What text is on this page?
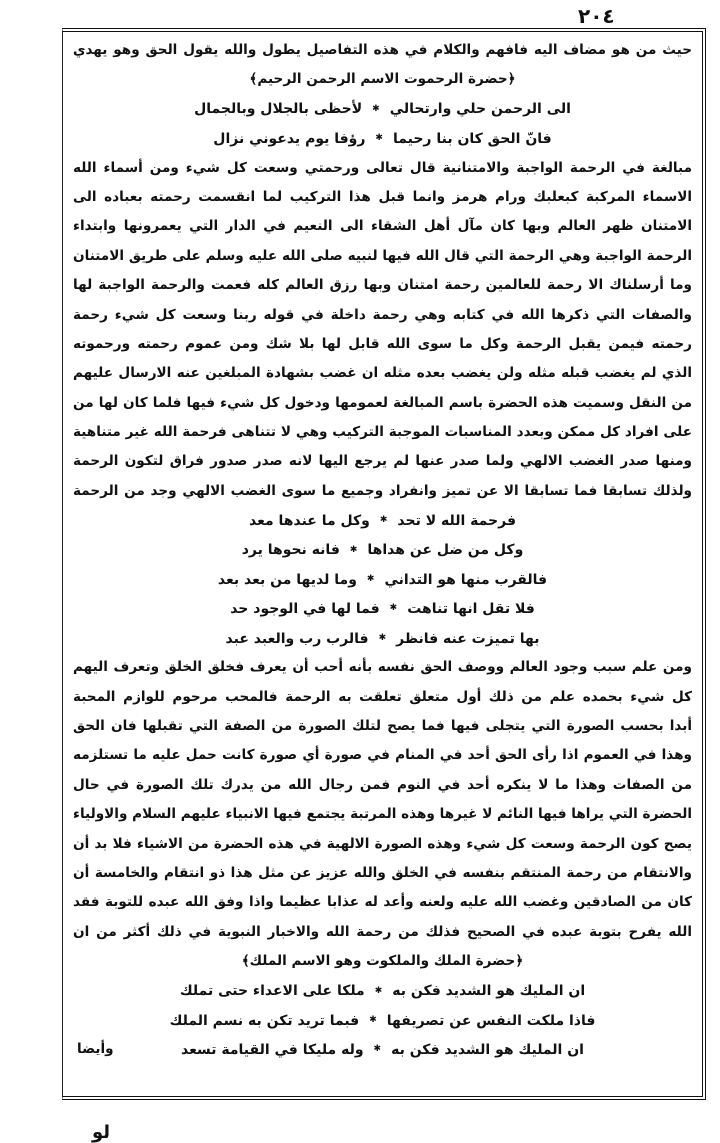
٢٠٤
حيث من هو مضاف اليه فافهم والكلام في هذه التفاصيل يطول والله يقول الحق وهو يهدي
﴿حضرة الرحموت الاسم الرحمن الرحيم﴾
الى الرحمن حلي وارتحالي✱لأحظى بالجلال وبالجمال
فانّ الحق كان بنا رحيما✱رؤفا يوم يدعوني نزال
مبالغة في الرحمة الواجبة والامتنانية قال تعالى ورحمتي وسعت كل شيء ومن أسماء الله
الاسماء المركبة كبعلبك ورام هرمز وانما قبل هذا التركيب لما انقسمت رحمته بعباده الى
الامتنان ظهر العالم وبها كان مآل أهل الشقاء الى النعيم في الدار التي يعمرونها وابتداء
الرحمة الواجبة وهي الرحمة التي قال الله فيها لنبيه صلى الله عليه وسلم على طريق الامتنان
وما أرسلناك الا رحمة للعالمين رحمة امتنان وبها رزق العالم كله فعمت والرحمة الواجبة لها
والصفات التي ذكرها الله في كتابه وهي رحمة داخلة في قوله ربنا وسعت كل شيء رحمة
رحمته فيمن يقبل الرحمة وكل ما سوى الله قابل لها بلا شك ومن عموم رحمته ورحموته
الذي لم يغضب قبله مثله ولن يغضب بعده مثله ان غضب بشهادة المبلغين عنه الارسال عليهم
من النقل وسميت هذه الحضرة باسم المبالغة لعمومها ودخول كل شيء فيها فلما كان لها من
على افراد كل ممكن وبعدد المناسبات الموجبة التركيب وهي لا تتناهى فرحمة الله غير متناهية
ومنها صدر الغضب الالهي ولما صدر عنها لم يرجع اليها لانه صدر صدور فراق لتكون الرحمة
ولذلك تسابقا فما تسابقا الا عن تميز وانفراد وجميع ما سوى الغضب الالهي وجد من الرحمة
فرحمة الله لا تحد✱وكل ما عندها معد
وكل من ضل عن هداها✱فانه نحوها يرد
فالقرب منها هو التداني✱وما لديها من بعد بعد
فلا تقل انها تناهت✱فما لها في الوجود حد
بها تميزت عنه فانظر✱فالرب رب والعبد عبد
ومن علم سبب وجود العالم ووصف الحق نفسه بأنه أحب أن يعرف فخلق الخلق وتعرف اليهم
كل شيء بحمده علم من ذلك أول متعلق تعلقت به الرحمة فالمحب مرحوم للوازم المحبة
أبدا بحسب الصورة التي يتجلى فيها فما يصح لتلك الصورة من الصفة التي تقبلها فان الحق
وهذا في العموم اذا رأى الحق أحد في المنام في صورة أي صورة كانت حمل عليه ما تستلزمه
من الصفات وهذا ما لا ينكره أحد في النوم فمن رجال الله من يدرك تلك الصورة في حال
الحضرة التي يراها فيها النائم لا غيرها وهذه المرتبة يجتمع فيها الانبياء عليهم السلام والاولياء
يصح كون الرحمة وسعت كل شيء وهذه الصورة الالهية في هذه الحضرة من الاشياء فلا بد أن
والانتقام من رحمة المنتقم بنفسه في الخلق والله عزيز عن مثل هذا ذو انتقام والخامسة أن
كان من الصادقين وغضب الله عليه ولعنه وأعد له عذابا عظيما واذا وفق الله عبده للتوبة فقد
الله يفرح بتوبة عبده في الصحيح فذلك من رحمة الله والاخبار النبوية في ذلك أكثر من ان
﴿حضرة الملك والملكوت وهو الاسم الملك﴾
ان المليك هو الشديد فكن به✱ملكا على الاعداء حتى تملك
فاذا ملكت النفس عن تصريفها✱فبما تريد تكن به نسم الملك
ان المليك هو الشديد فكن به✱وله مليكا في القيامة تسعد
وأيضا
لو
